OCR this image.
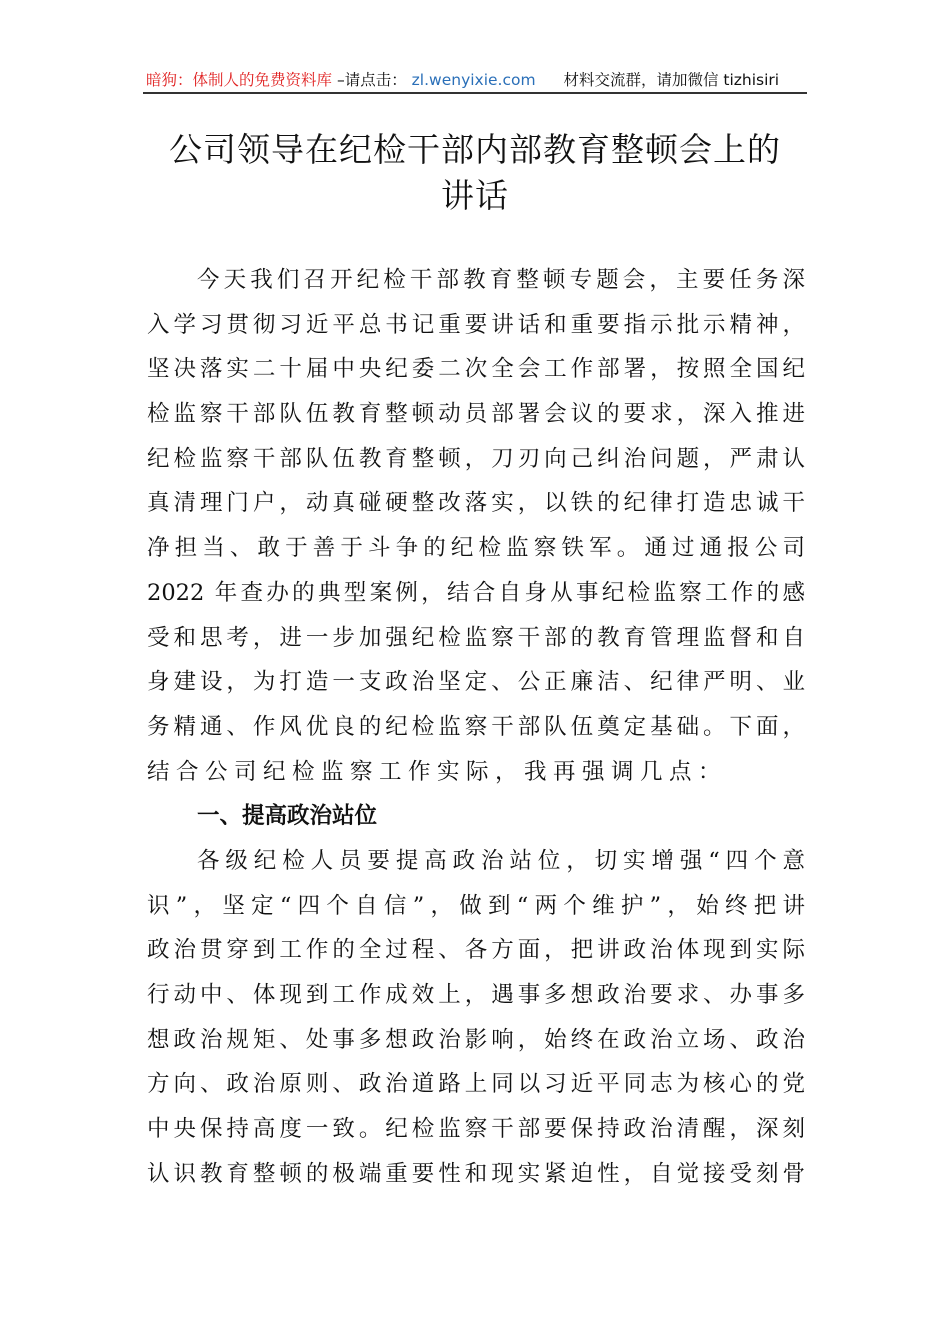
暗狗：体制人的免费资料库 –请点击： zl.wenyixie.com 材料交流群，请加微信 tizhisiri
公司领导在纪检干部内部教育整顿会上的
讲话
今天我们召开纪检干部教育整顿专题会，主要任务深
入学习贯彻习近平总书记重要讲话和重要指示批示精神，
坚决落实二十届中央纪委二次全会工作部署，按照全国纪
检监察干部队伍教育整顿动员部署会议的要求，深入推进
纪检监察干部队伍教育整顿，刀刃向己纠治问题，严肃认
真清理门户，动真碰硬整改落实，以铁的纪律打造忠诚干
净担当、敢于善于斗争的纪检监察铁军。通过通报公司
2022 年查办的典型案例，结合自身从事纪检监察工作的感
受和思考，进一步加强纪检监察干部的教育管理监督和自
身建设，为打造一支政治坚定、公正廉洁、纪律严明、业
务精通、作风优良的纪检监察干部队伍奠定基础。下面，
结合公司纪检监察工作实际，我再强调几点：
一、提高政治站位
各级纪检人员要提高政治站位，切实增强“四个意
识”，坚定“四个自信”，做到“两个维护”，始终把讲
政治贯穿到工作的全过程、各方面，把讲政治体现到实际
行动中、体现到工作成效上，遇事多想政治要求、办事多
想政治规矩、处事多想政治影响，始终在政治立场、政治
方向、政治原则、政治道路上同以习近平同志为核心的党
中央保持高度一致。纪检监察干部要保持政治清醒，深刻
认识教育整顿的极端重要性和现实紧迫性，自觉接受刻骨
